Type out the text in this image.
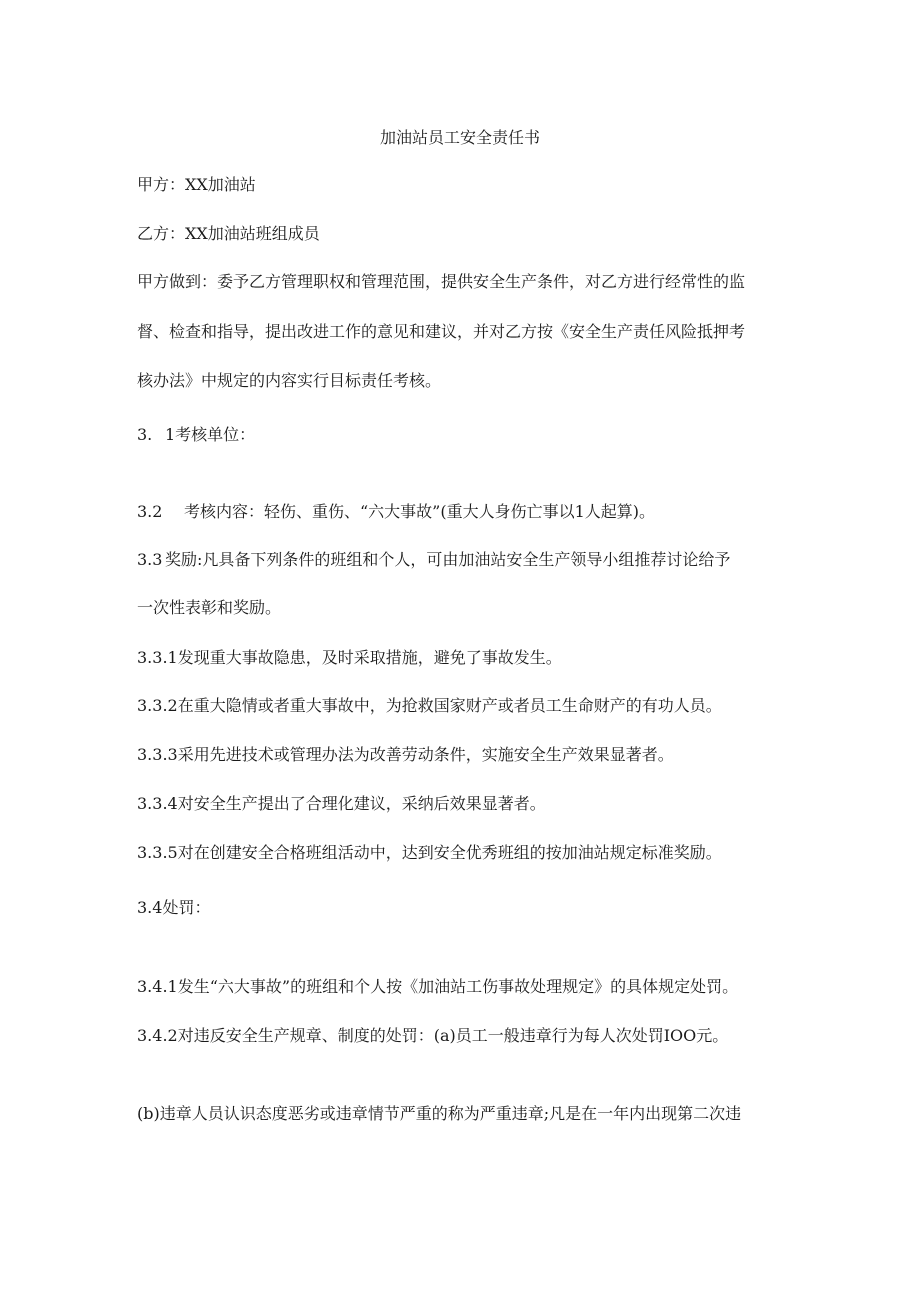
加油站员工安全责任书
甲方：XX加油站
乙方：XX加油站班组成员
甲方做到：委予乙方管理职权和管理范围，提供安全生产条件，对乙方进行经常性的监
督、检查和指导，提出改进工作的意见和建议，并对乙方按《安全生产责任风险抵押考
核办法》中规定的内容实行目标责任考核。
3. 1考核单位：
3.2 考核内容：轻伤、重伤、“六大事故”(重大人身伤亡事以1人起算)。
3.3 奖励:凡具备下列条件的班组和个人，可由加油站安全生产领导小组推荐讨论给予
一次性表彰和奖励。
3.3.1发现重大事故隐患，及时采取措施，避免了事故发生。
3.3.2在重大隐情或者重大事故中，为抢救国家财产或者员工生命财产的有功人员。
3.3.3采用先进技术或管理办法为改善劳动条件，实施安全生产效果显著者。
3.3.4对安全生产提出了合理化建议，采纳后效果显著者。
3.3.5对在创建安全合格班组活动中，达到安全优秀班组的按加油站规定标准奖励。
3.4处罚：
3.4.1发生“六大事故”的班组和个人按《加油站工伤事故处理规定》的具体规定处罚。
3.4.2对违反安全生产规章、制度的处罚：(a)员工一般违章行为每人次处罚IOO元。
(b)违章人员认识态度恶劣或违章情节严重的称为严重违章;凡是在一年内出现第二次违
